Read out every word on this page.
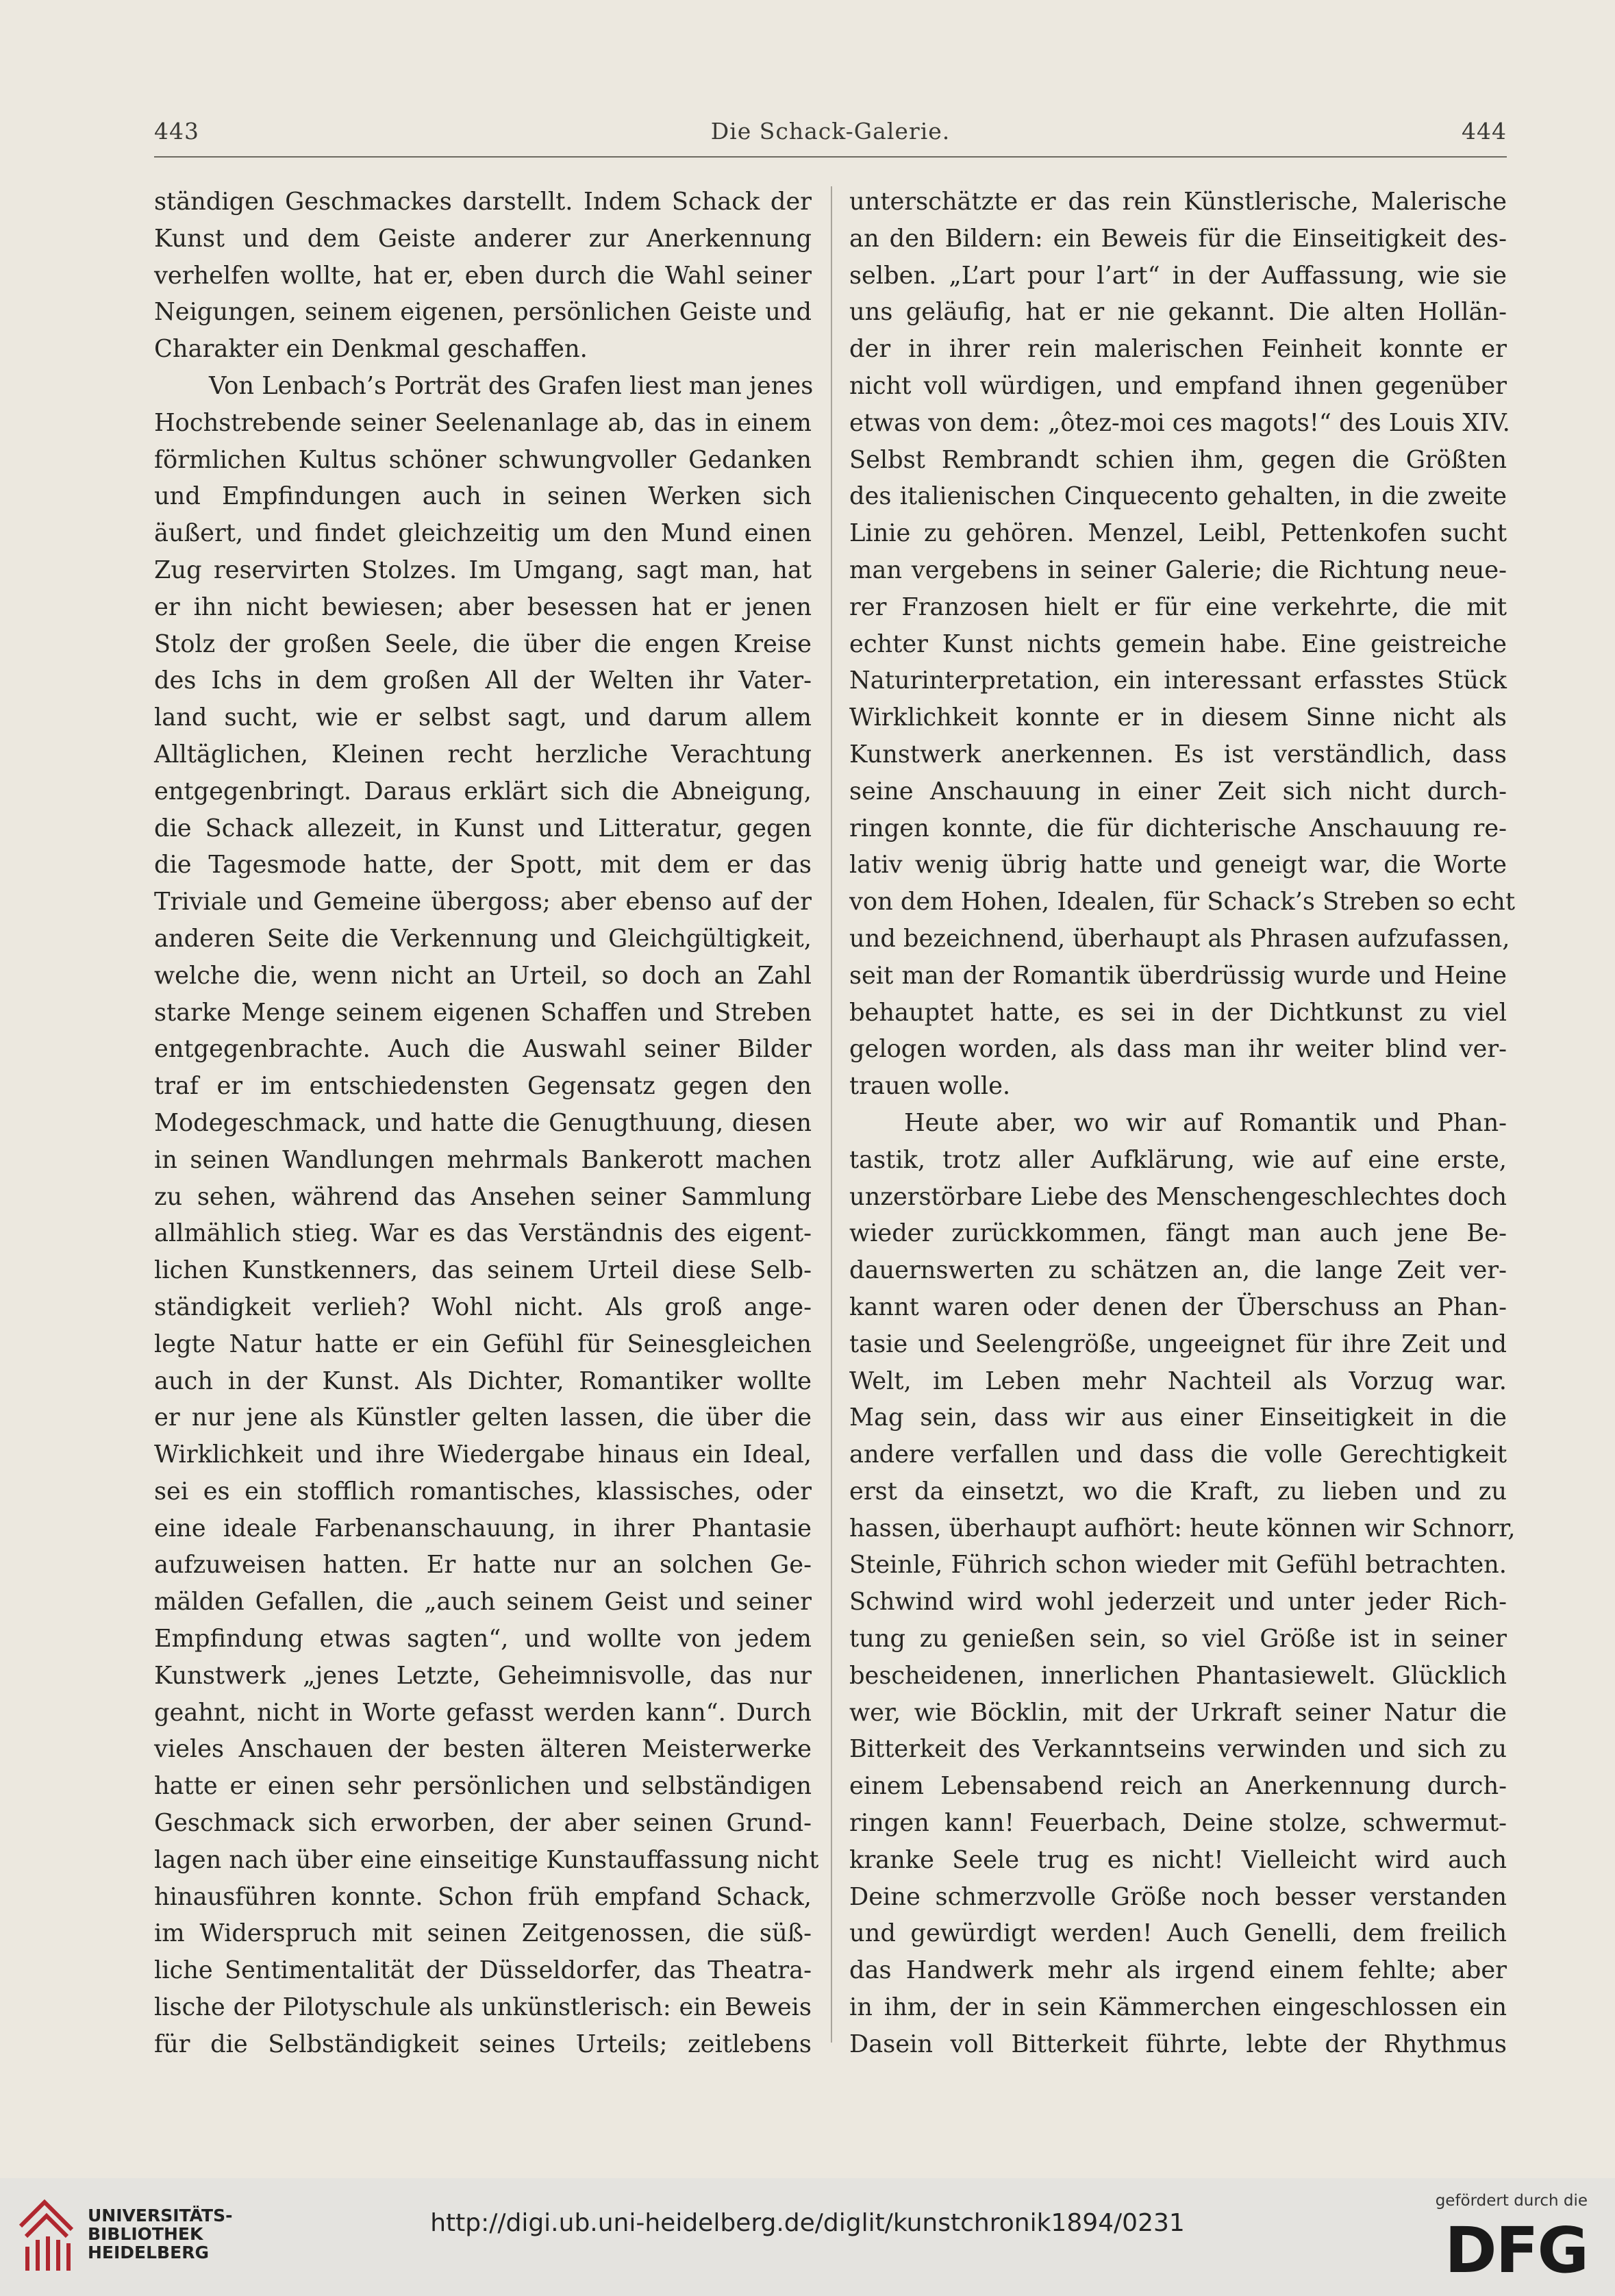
443	Die Schack-Galerie.	444
ständigen Geschmackes darstellt. Indem Schack der
Kunst und dem Geiste anderer zur Anerkennung
verhelfen wollte, hat er, eben durch die Wahl seiner
Neigungen, seinem eigenen, persönlichen Geiste und
Charakter ein Denkmal geschaffen.
Von Lenbach’s Porträt des Grafen liest man jenes
Hochstrebende seiner Seelenanlage ab, das in einem
förmlichen Kultus schöner schwungvoller Gedanken
und Empfindungen auch in seinen Werken sich
äußert, und findet gleichzeitig um den Mund einen
Zug reservirten Stolzes. Im Umgang, sagt man, hat
er ihn nicht bewiesen; aber besessen hat er jenen
Stolz der großen Seele, die über die engen Kreise
des Ichs in dem großen All der Welten ihr Vater-
land sucht, wie er selbst sagt, und darum allem
Alltäglichen, Kleinen recht herzliche Verachtung
entgegenbringt. Daraus erklärt sich die Abneigung,
die Schack allezeit, in Kunst und Litteratur, gegen
die Tagesmode hatte, der Spott, mit dem er das
Triviale und Gemeine übergoss; aber ebenso auf der
anderen Seite die Verkennung und Gleichgültigkeit,
welche die, wenn nicht an Urteil, so doch an Zahl
starke Menge seinem eigenen Schaffen und Streben
entgegenbrachte. Auch die Auswahl seiner Bilder
traf er im entschiedensten Gegensatz gegen den
Modegeschmack, und hatte die Genugthuung, diesen
in seinen Wandlungen mehrmals Bankerott machen
zu sehen, während das Ansehen seiner Sammlung
allmählich stieg. War es das Verständnis des eigent-
lichen Kunstkenners, das seinem Urteil diese Selb-
ständigkeit verlieh? Wohl nicht. Als groß ange-
legte Natur hatte er ein Gefühl für Seinesgleichen
auch in der Kunst. Als Dichter, Romantiker wollte
er nur jene als Künstler gelten lassen, die über die
Wirklichkeit und ihre Wiedergabe hinaus ein Ideal,
sei es ein stofflich romantisches, klassisches, oder
eine ideale Farbenanschauung, in ihrer Phantasie
aufzuweisen hatten. Er hatte nur an solchen Ge-
mälden Gefallen, die „auch seinem Geist und seiner
Empfindung etwas sagten“, und wollte von jedem
Kunstwerk „jenes Letzte, Geheimnisvolle, das nur
geahnt, nicht in Worte gefasst werden kann“. Durch
vieles Anschauen der besten älteren Meisterwerke
hatte er einen sehr persönlichen und selbständigen
Geschmack sich erworben, der aber seinen Grund-
lagen nach über eine einseitige Kunstauffassung nicht
hinausführen konnte. Schon früh empfand Schack,
im Widerspruch mit seinen Zeitgenossen, die süß-
liche Sentimentalität der Düsseldorfer, das Theatra-
lische der Pilotyschule als unkünstlerisch: ein Beweis
für die Selbständigkeit seines Urteils; zeitlebens
unterschätzte er das rein Künstlerische, Malerische
an den Bildern: ein Beweis für die Einseitigkeit des-
selben. „L’art pour l’art“ in der Auffassung, wie sie
uns geläufig, hat er nie gekannt. Die alten Hollän-
der in ihrer rein malerischen Feinheit konnte er
nicht voll würdigen, und empfand ihnen gegenüber
etwas von dem: „ôtez-moi ces magots!“ des Louis XIV.
Selbst Rembrandt schien ihm, gegen die Größten
des italienischen Cinquecento gehalten, in die zweite
Linie zu gehören. Menzel, Leibl, Pettenkofen sucht
man vergebens in seiner Galerie; die Richtung neue-
rer Franzosen hielt er für eine verkehrte, die mit
echter Kunst nichts gemein habe. Eine geistreiche
Naturinterpretation, ein interessant erfasstes Stück
Wirklichkeit konnte er in diesem Sinne nicht als
Kunstwerk anerkennen. Es ist verständlich, dass
seine Anschauung in einer Zeit sich nicht durch-
ringen konnte, die für dichterische Anschauung re-
lativ wenig übrig hatte und geneigt war, die Worte
von dem Hohen, Idealen, für Schack’s Streben so echt
und bezeichnend, überhaupt als Phrasen aufzufassen,
seit man der Romantik überdrüssig wurde und Heine
behauptet hatte, es sei in der Dichtkunst zu viel
gelogen worden, als dass man ihr weiter blind ver-
trauen wolle.
Heute aber, wo wir auf Romantik und Phan-
tastik, trotz aller Aufklärung, wie auf eine erste,
unzerstörbare Liebe des Menschengeschlechtes doch
wieder zurückkommen, fängt man auch jene Be-
dauernswerten zu schätzen an, die lange Zeit ver-
kannt waren oder denen der Überschuss an Phan-
tasie und Seelengröße, ungeeignet für ihre Zeit und
Welt, im Leben mehr Nachteil als Vorzug war.
Mag sein, dass wir aus einer Einseitigkeit in die
andere verfallen und dass die volle Gerechtigkeit
erst da einsetzt, wo die Kraft, zu lieben und zu
hassen, überhaupt aufhört: heute können wir Schnorr,
Steinle, Führich schon wieder mit Gefühl betrachten.
Schwind wird wohl jederzeit und unter jeder Rich-
tung zu genießen sein, so viel Größe ist in seiner
bescheidenen, innerlichen Phantasiewelt. Glücklich
wer, wie Böcklin, mit der Urkraft seiner Natur die
Bitterkeit des Verkanntseins verwinden und sich zu
einem Lebensabend reich an Anerkennung durch-
ringen kann! Feuerbach, Deine stolze, schwermut-
kranke Seele trug es nicht! Vielleicht wird auch
Deine schmerzvolle Größe noch besser verstanden
und gewürdigt werden! Auch Genelli, dem freilich
das Handwerk mehr als irgend einem fehlte; aber
in ihm, der in sein Kämmerchen eingeschlossen ein
Dasein voll Bitterkeit führte, lebte der Rhythmus
UNIVERSITÄTS-
BIBLIOTHEK
HEIDELBERG
http://digi.ub.uni-heidelberg.de/diglit/kunstchronik1894/0231
gefördert durch die
DFG
